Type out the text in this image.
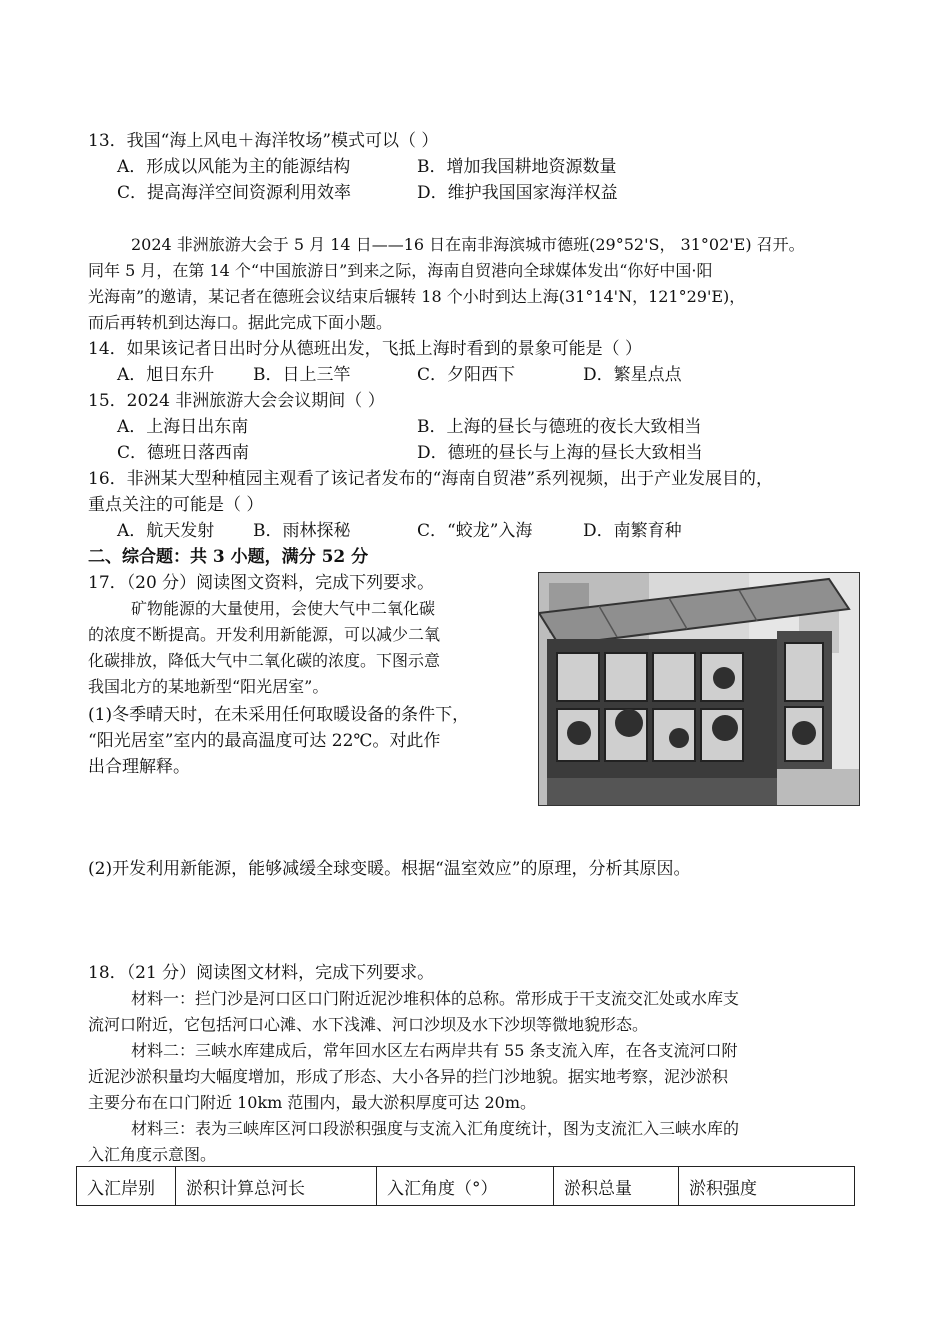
13．我国“海上风电＋海洋牧场”模式可以（ ）
A．形成以风能为主的能源结构	B．增加我国耕地资源数量
C．提高海洋空间资源利用效率	D．维护我国国家海洋权益
2024 非洲旅游大会于 5 月 14 日——16 日在南非海滨城市德班(29°52'S， 31°02'E) 召开。
同年 5 月，在第 14 个“中国旅游日”到来之际，海南自贸港向全球媒体发出“你好中国·阳
光海南”的邀请，某记者在德班会议结束后辗转 18 个小时到达上海(31°14'N，121°29'E)，
而后再转机到达海口。据此完成下面小题。
14．如果该记者日出时分从德班出发，飞抵上海时看到的景象可能是（ ）
A．旭日东升 B．日上三竿	C．夕阳西下	D．繁星点点
15．2024 非洲旅游大会会议期间（ ）
A．上海日出东南	B．上海的昼长与德班的夜长大致相当
C．德班日落西南	D．德班的昼长与上海的昼长大致相当
16．非洲某大型种植园主观看了该记者发布的“海南自贸港”系列视频，出于产业发展目的，
重点关注的可能是（ ）
A．航天发射 B．雨林探秘	C．“蛟龙”入海	D．南繁育种
二、综合题：共 3 小题，满分 52 分
17．（20 分）阅读图文资料，完成下列要求。
矿物能源的大量使用，会使大气中二氧化碳
的浓度不断提高。开发利用新能源，可以减少二氧
化碳排放，降低大气中二氧化碳的浓度。下图示意
我国北方的某地新型“阳光居室”。
(1)冬季晴天时，在未采用任何取暖设备的条件下，
“阳光居室”室内的最高温度可达 22℃。对此作
出合理解释。
(2)开发利用新能源，能够减缓全球变暖。根据“温室效应”的原理，分析其原因。
18．（21 分）阅读图文材料，完成下列要求。
材料一：拦门沙是河口区口门附近泥沙堆积体的总称。常形成于干支流交汇处或水库支
流河口附近，它包括河口心滩、水下浅滩、河口沙坝及水下沙坝等微地貌形态。
材料二：三峡水库建成后，常年回水区左右两岸共有 55 条支流入库，在各支流河口附
近泥沙淤积量均大幅度增加，形成了形态、大小各异的拦门沙地貌。据实地考察，泥沙淤积
主要分布在口门附近 10km 范围内，最大淤积厚度可达 20m。
材料三：表为三峡库区河口段淤积强度与支流入汇角度统计，图为支流汇入三峡水库的
入汇角度示意图。
入汇岸别	淤积计算总河长	入汇角度（°）	淤积总量	淤积强度
